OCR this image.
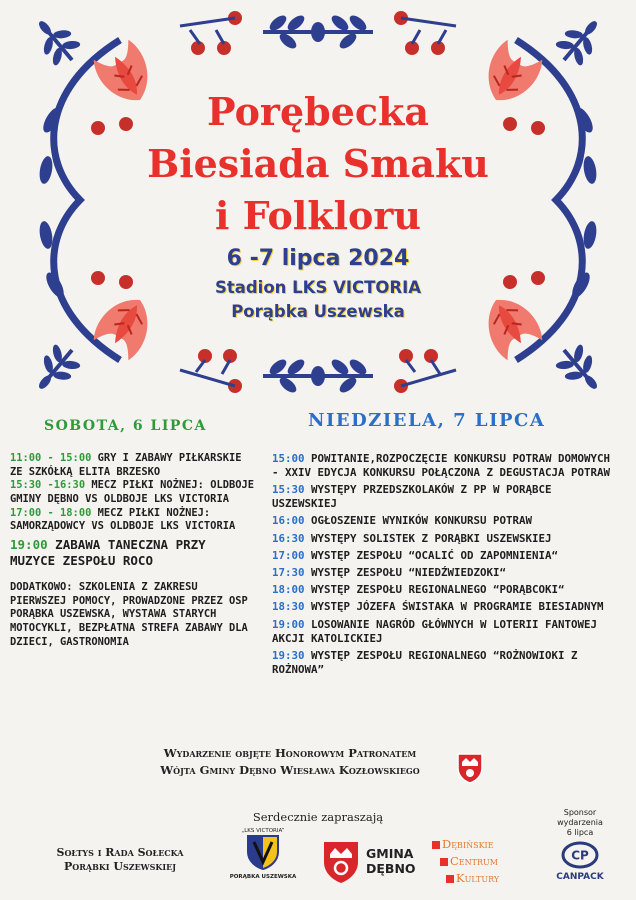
Porębecka
Biesiada Smaku
i Folkloru
6 -7 lipca 2024
Stadion LKS VICTORIA
Porąbka Uszewska
SOBOTA, 6 LIPCA	NIEDZIELA, 7 LIPCA

11:00 - 15:00 GRY I ZABAWY PIŁKARSKIE ZE SZKÓŁKĄ ELITA BRZESKO

15:30 -16:30 MECZ PIŁKI NOŻNEJ: OLDBOJE GMINY DĘBNO VS OLDBOJE LKS VICTORIA

17:00 - 18:00 MECZ PIŁKI NOŻNEJ: SAMORZĄDOWCY VS OLDBOJE LKS VICTORIA

19:00 ZABAWA TANECZNA PRZY MUZYCE ZESPOŁU ROCO

DODATKOWO: SZKOLENIA Z ZAKRESU PIERWSZEJ POMOCY, PROWADZONE PRZEZ OSP PORĄBKA USZEWSKA, WYSTAWA STARYCH MOTOCYKLI, BEZPŁATNA STREFA ZABAWY DLA DZIECI, GASTRONOMIA

15:00 POWITANIE,ROZPOCZĘCIE KONKURSU POTRAW DOMOWYCH - XXIV EDYCJA KONKURSU POŁĄCZONA Z DEGUSTACJA POTRAW

15:30 WYSTĘPY PRZEDSZKOLAKÓW Z PP W PORĄBCE USZEWSKIEJ

16:00 OGŁOSZENIE WYNIKÓW KONKURSU POTRAW

16:30 WYSTĘPY SOLISTEK Z PORĄBKI USZEWSKIEJ

17:00 WYSTĘP ZESPOŁU “OCALIĆ OD ZAPOMNIENIA“

17:30 WYSTĘP ZESPOŁU “NIEDŹWIEDZOKI“

18:00 WYSTĘP ZESPOŁU REGIONALNEGO “PORĄBCOKI“

18:30 WYSTĘP JÓZEFA ŚWISTAKA W PROGRAMIE BIESIADNYM

19:00 LOSOWANIE NAGRÓD GŁÓWNYCH W LOTERII FANTOWEJ AKCJI KATOLICKIEJ

19:30 WYSTĘP ZESPOŁU REGIONALNEGO “ROŻNOWIOKI Z ROŻNOWA”

Wydarzenie objęte Honorowym Patronatem
Wójta Gminy Dębno Wiesława Kozłowskiego
Serdecznie zapraszają
Sołtys i Rada Sołecka
Porąbki Uszewskiej
„LKS VICTORIA”
PORĄBKA USZEWSKA
GMINA
DĘBNO
Dębińskie
Centrum
Kultury
Sponsor
wydarzenia
6 lipca
CP
CANPACK
